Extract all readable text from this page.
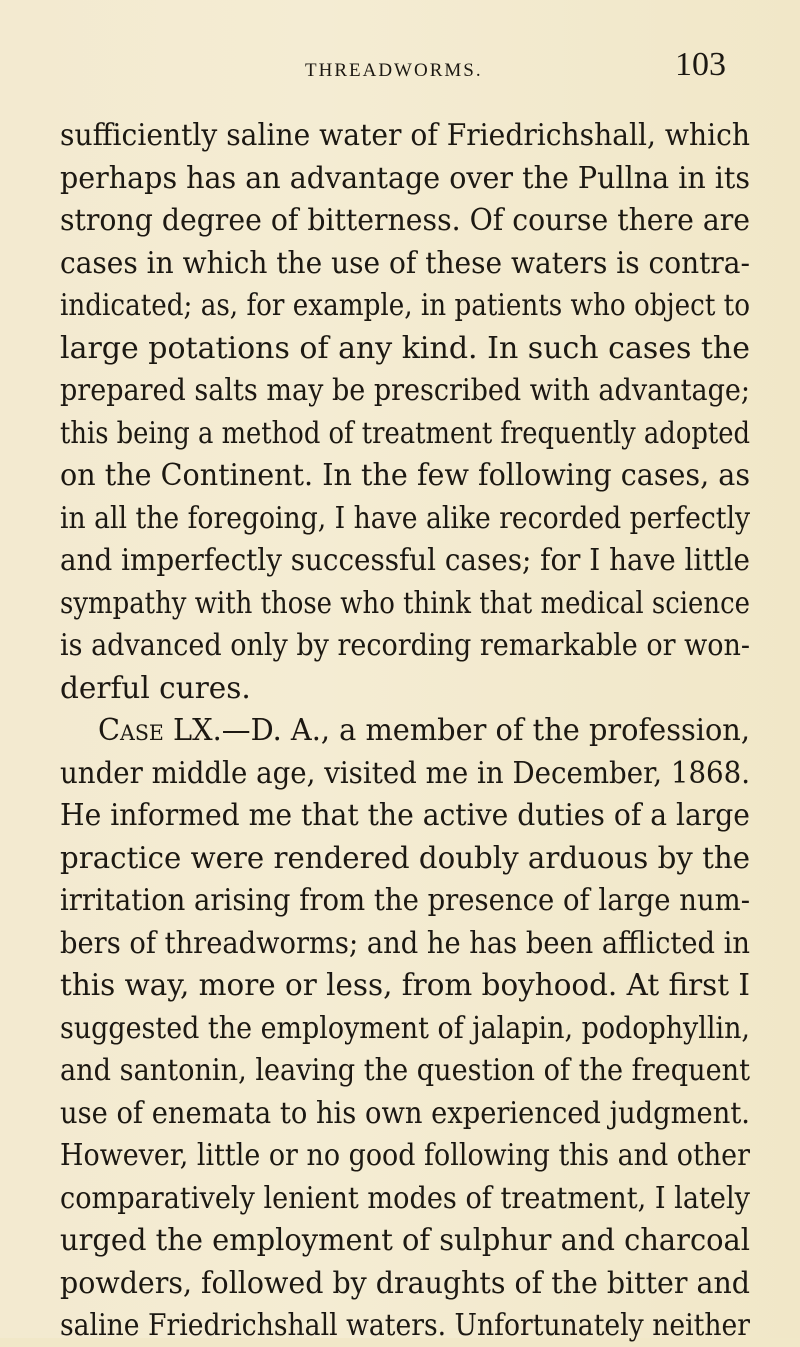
THREADWORMS.	103
sufficiently saline water of Friedrichshall, which
perhaps has an advantage over the Pullna in its
strong degree of bitterness. Of course there are
cases in which the use of these waters is contra-
indicated; as, for example, in patients who object to
large potations of any kind. In such cases the
prepared salts may be prescribed with advantage;
this being a method of treatment frequently adopted
on the Continent. In the few following cases, as
in all the foregoing, I have alike recorded perfectly
and imperfectly successful cases; for I have little
sympathy with those who think that medical science
is advanced only by recording remarkable or won-
derful cures.
Case LX.—D. A., a member of the profession,
under middle age, visited me in December, 1868.
He informed me that the active duties of a large
practice were rendered doubly arduous by the
irritation arising from the presence of large num-
bers of threadworms; and he has been afflicted in
this way, more or less, from boyhood. At first I
suggested the employment of jalapin, podophyllin,
and santonin, leaving the question of the frequent
use of enemata to his own experienced judgment.
However, little or no good following this and other
comparatively lenient modes of treatment, I lately
urged the employment of sulphur and charcoal
powders, followed by draughts of the bitter and
saline Friedrichshall waters. Unfortunately neither
